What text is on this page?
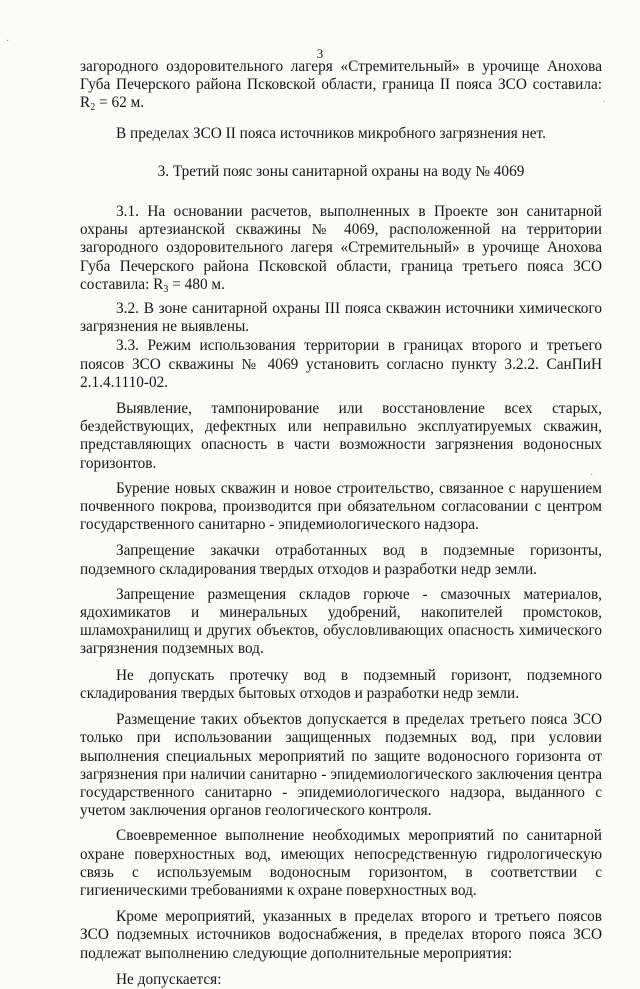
·
˙
·
3

загородного оздоровительного лагеря «Стремительный» в урочище Анохова Губа Печерского района Псковской области, граница II пояса ЗСО составила: $R_2 = 62$ м.

В пределах ЗСО II пояса источников микробного загрязнения нет.

3. Третий пояс зоны санитарной охраны на воду № 4069

3.1. На основании расчетов, выполненных в Проекте зон санитарной охраны артезианской скважины № 4069, расположенной на территории загородного оздоровительного лагеря «Стремительный» в урочище Анохова Губа Печерского района Псковской области, граница третьего пояса ЗСО составила: $R_3 = 480$ м.

3.2. В зоне санитарной охраны III пояса скважин источники химического загрязнения не выявлены.

3.3. Режим использования территории в границах второго и третьего поясов ЗСО скважины № 4069 установить согласно пункту 3.2.2. СанПиН 2.1.4.1110-02.

Выявление, тампонирование или восстановление всех старых, бездействующих, дефектных или неправильно эксплуатируемых скважин, представляющих опасность в части возможности загрязнения водоносных горизонтов.

Бурение новых скважин и новое строительство, связанное с нарушением почвенного покрова, производится при обязательном согласовании с центром государственного санитарно - эпидемиологического надзора.

Запрещение закачки отработанных вод в подземные горизонты, подземного складирования твердых отходов и разработки недр земли.

Запрещение размещения складов горюче - смазочных материалов, ядохимикатов и минеральных удобрений, накопителей промстоков, шламохранилищ и других объектов, обусловливающих опасность химического загрязнения подземных вод.

Не допускать протечку вод в подземный горизонт, подземного складирования твердых бытовых отходов и разработки недр земли.

Размещение таких объектов допускается в пределах третьего пояса ЗСО только при использовании защищенных подземных вод, при условии выполнения специальных мероприятий по защите водоносного горизонта от загрязнения при наличии санитарно - эпидемиологического заключения центра государственного санитарно - эпидемиологического надзора, выданного с учетом заключения органов геологического контроля.

Своевременное выполнение необходимых мероприятий по санитарной охране поверхностных вод, имеющих непосредственную гидрологическую связь с используемым водоносным горизонтом, в соответствии с гигиеническими требованиями к охране поверхностных вод.

Кроме мероприятий, указанных в пределах второго и третьего поясов ЗСО подземных источников водоснабжения, в пределах второго пояса ЗСО подлежат выполнению следующие дополнительные мероприятия:

Не допускается:
